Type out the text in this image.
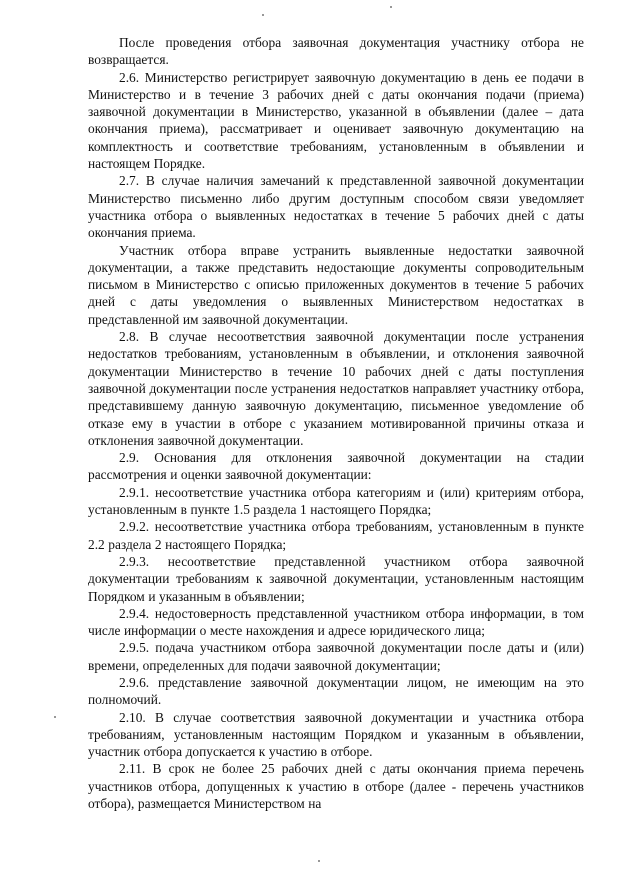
После проведения отбора заявочная документация участнику отбора не возвращается.

2.6. Министерство регистрирует заявочную документацию в день ее подачи в Министерство и в течение 3 рабочих дней с даты окончания подачи (приема) заявочной документации в Министерство, указанной в объявлении (далее – дата окончания приема), рассматривает и оценивает заявочную документацию на комплектность и соответствие требованиям, установленным в объявлении и настоящем Порядке.

2.7. В случае наличия замечаний к представленной заявочной документации Министерство письменно либо другим доступным способом связи уведомляет участника отбора о выявленных недостатках в течение 5 рабочих дней с даты окончания приема.

Участник отбора вправе устранить выявленные недостатки заявочной документации, а также представить недостающие документы сопроводительным письмом в Министерство с описью приложенных документов в течение 5 рабочих дней с даты уведомления о выявленных Министерством недостатках в представленной им заявочной документации.

2.8. В случае несоответствия заявочной документации после устранения недостатков требованиям, установленным в объявлении, и отклонения заявочной документации Министерство в течение 10 рабочих дней с даты поступления заявочной документации после устранения недостатков направляет участнику отбора, представившему данную заявочную документацию, письменное уведомление об отказе ему в участии в отборе с указанием мотивированной причины отказа и отклонения заявочной документации.

2.9. Основания для отклонения заявочной документации на стадии рассмотрения и оценки заявочной документации:

2.9.1. несоответствие участника отбора категориям и (или) критериям отбора, установленным в пункте 1.5 раздела 1 настоящего Порядка;

2.9.2. несоответствие участника отбора требованиям, установленным в пункте 2.2 раздела 2 настоящего Порядка;

2.9.3. несоответствие представленной участником отбора заявочной документации требованиям к заявочной документации, установленным настоящим Порядком и указанным в объявлении;

2.9.4. недостоверность представленной участником отбора информации, в том числе информации о месте нахождения и адресе юридического лица;

2.9.5. подача участником отбора заявочной документации после даты и (или) времени, определенных для подачи заявочной документации;

2.9.6. представление заявочной документации лицом, не имеющим на это полномочий.

2.10. В случае соответствия заявочной документации и участника отбора требованиям, установленным настоящим Порядком и указанным в объявлении, участник отбора допускается к участию в отборе.

2.11. В срок не более 25 рабочих дней с даты окончания приема перечень участников отбора, допущенных к участию в отборе (далее - перечень участников отбора), размещается Министерством на
